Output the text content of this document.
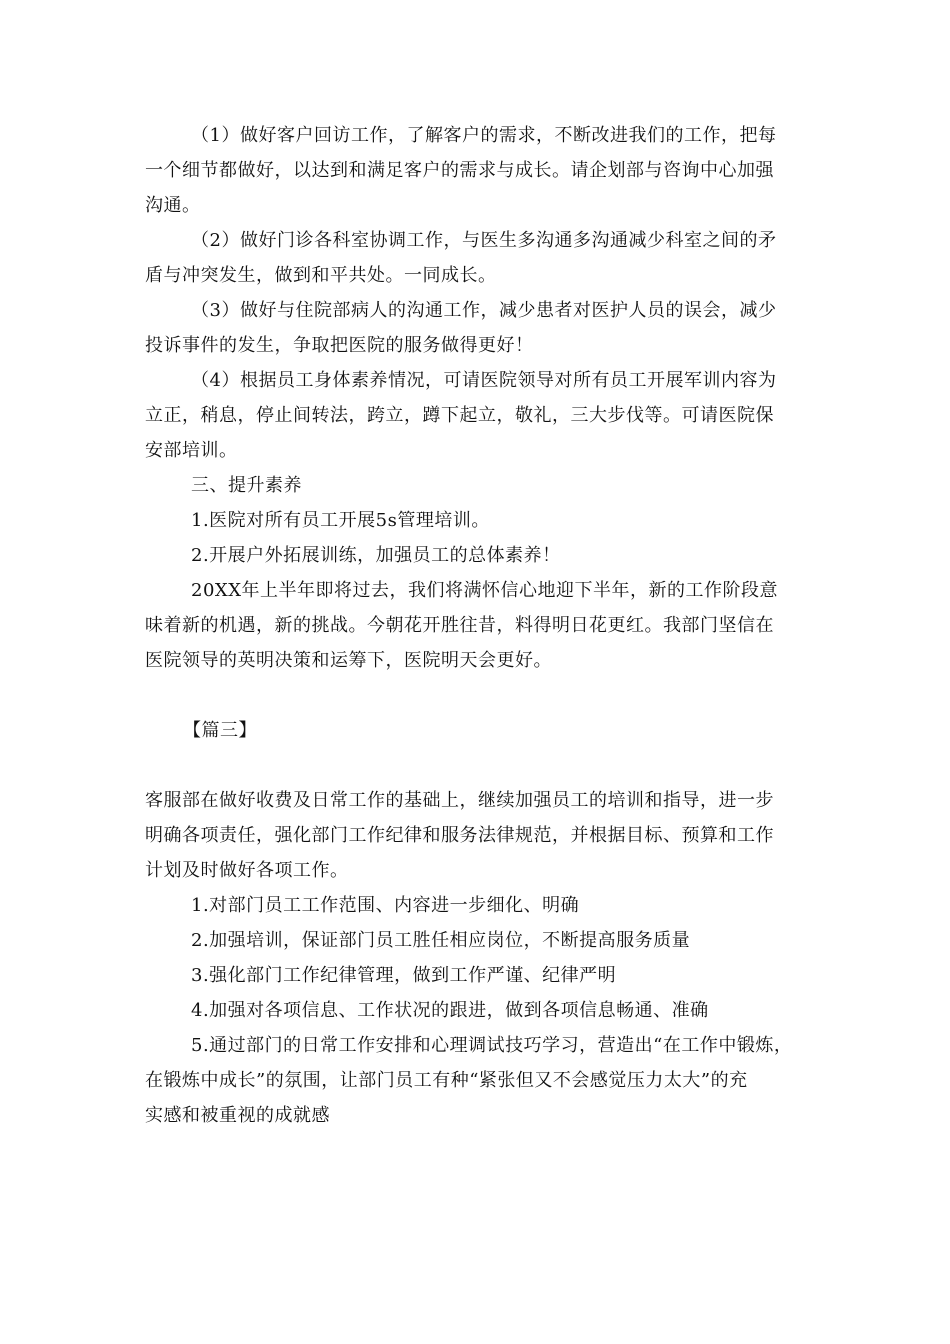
（1）做好客户回访工作，了解客户的需求，不断改进我们的工作，把每
一个细节都做好，以达到和满足客户的需求与成长。请企划部与咨询中心加强
沟通。
（2）做好门诊各科室协调工作，与医生多沟通多沟通减少科室之间的矛
盾与冲突发生，做到和平共处。一同成长。
（3）做好与住院部病人的沟通工作，减少患者对医护人员的误会，减少
投诉事件的发生，争取把医院的服务做得更好！
（4）根据员工身体素养情况，可请医院领导对所有员工开展军训内容为
立正，稍息，停止间转法，跨立，蹲下起立，敬礼，三大步伐等。可请医院保
安部培训。
三、提升素养
1.医院对所有员工开展5s管理培训。
2.开展户外拓展训练，加强员工的总体素养！
20XX年上半年即将过去，我们将满怀信心地迎下半年，新的工作阶段意
味着新的机遇，新的挑战。今朝花开胜往昔，料得明日花更红。我部门坚信在
医院领导的英明决策和运筹下，医院明天会更好。
【篇三】
客服部在做好收费及日常工作的基础上，继续加强员工的培训和指导，进一步
明确各项责任，强化部门工作纪律和服务法律规范，并根据目标、预算和工作
计划及时做好各项工作。
1.对部门员工工作范围、内容进一步细化、明确
2.加强培训，保证部门员工胜任相应岗位，不断提高服务质量
3.强化部门工作纪律管理，做到工作严谨、纪律严明
4.加强对各项信息、工作状况的跟进，做到各项信息畅通、准确
5.通过部门的日常工作安排和心理调试技巧学习，营造出“在工作中锻炼，
在锻炼中成长”的氛围，让部门员工有种“紧张但又不会感觉压力太大”的充
实感和被重视的成就感
